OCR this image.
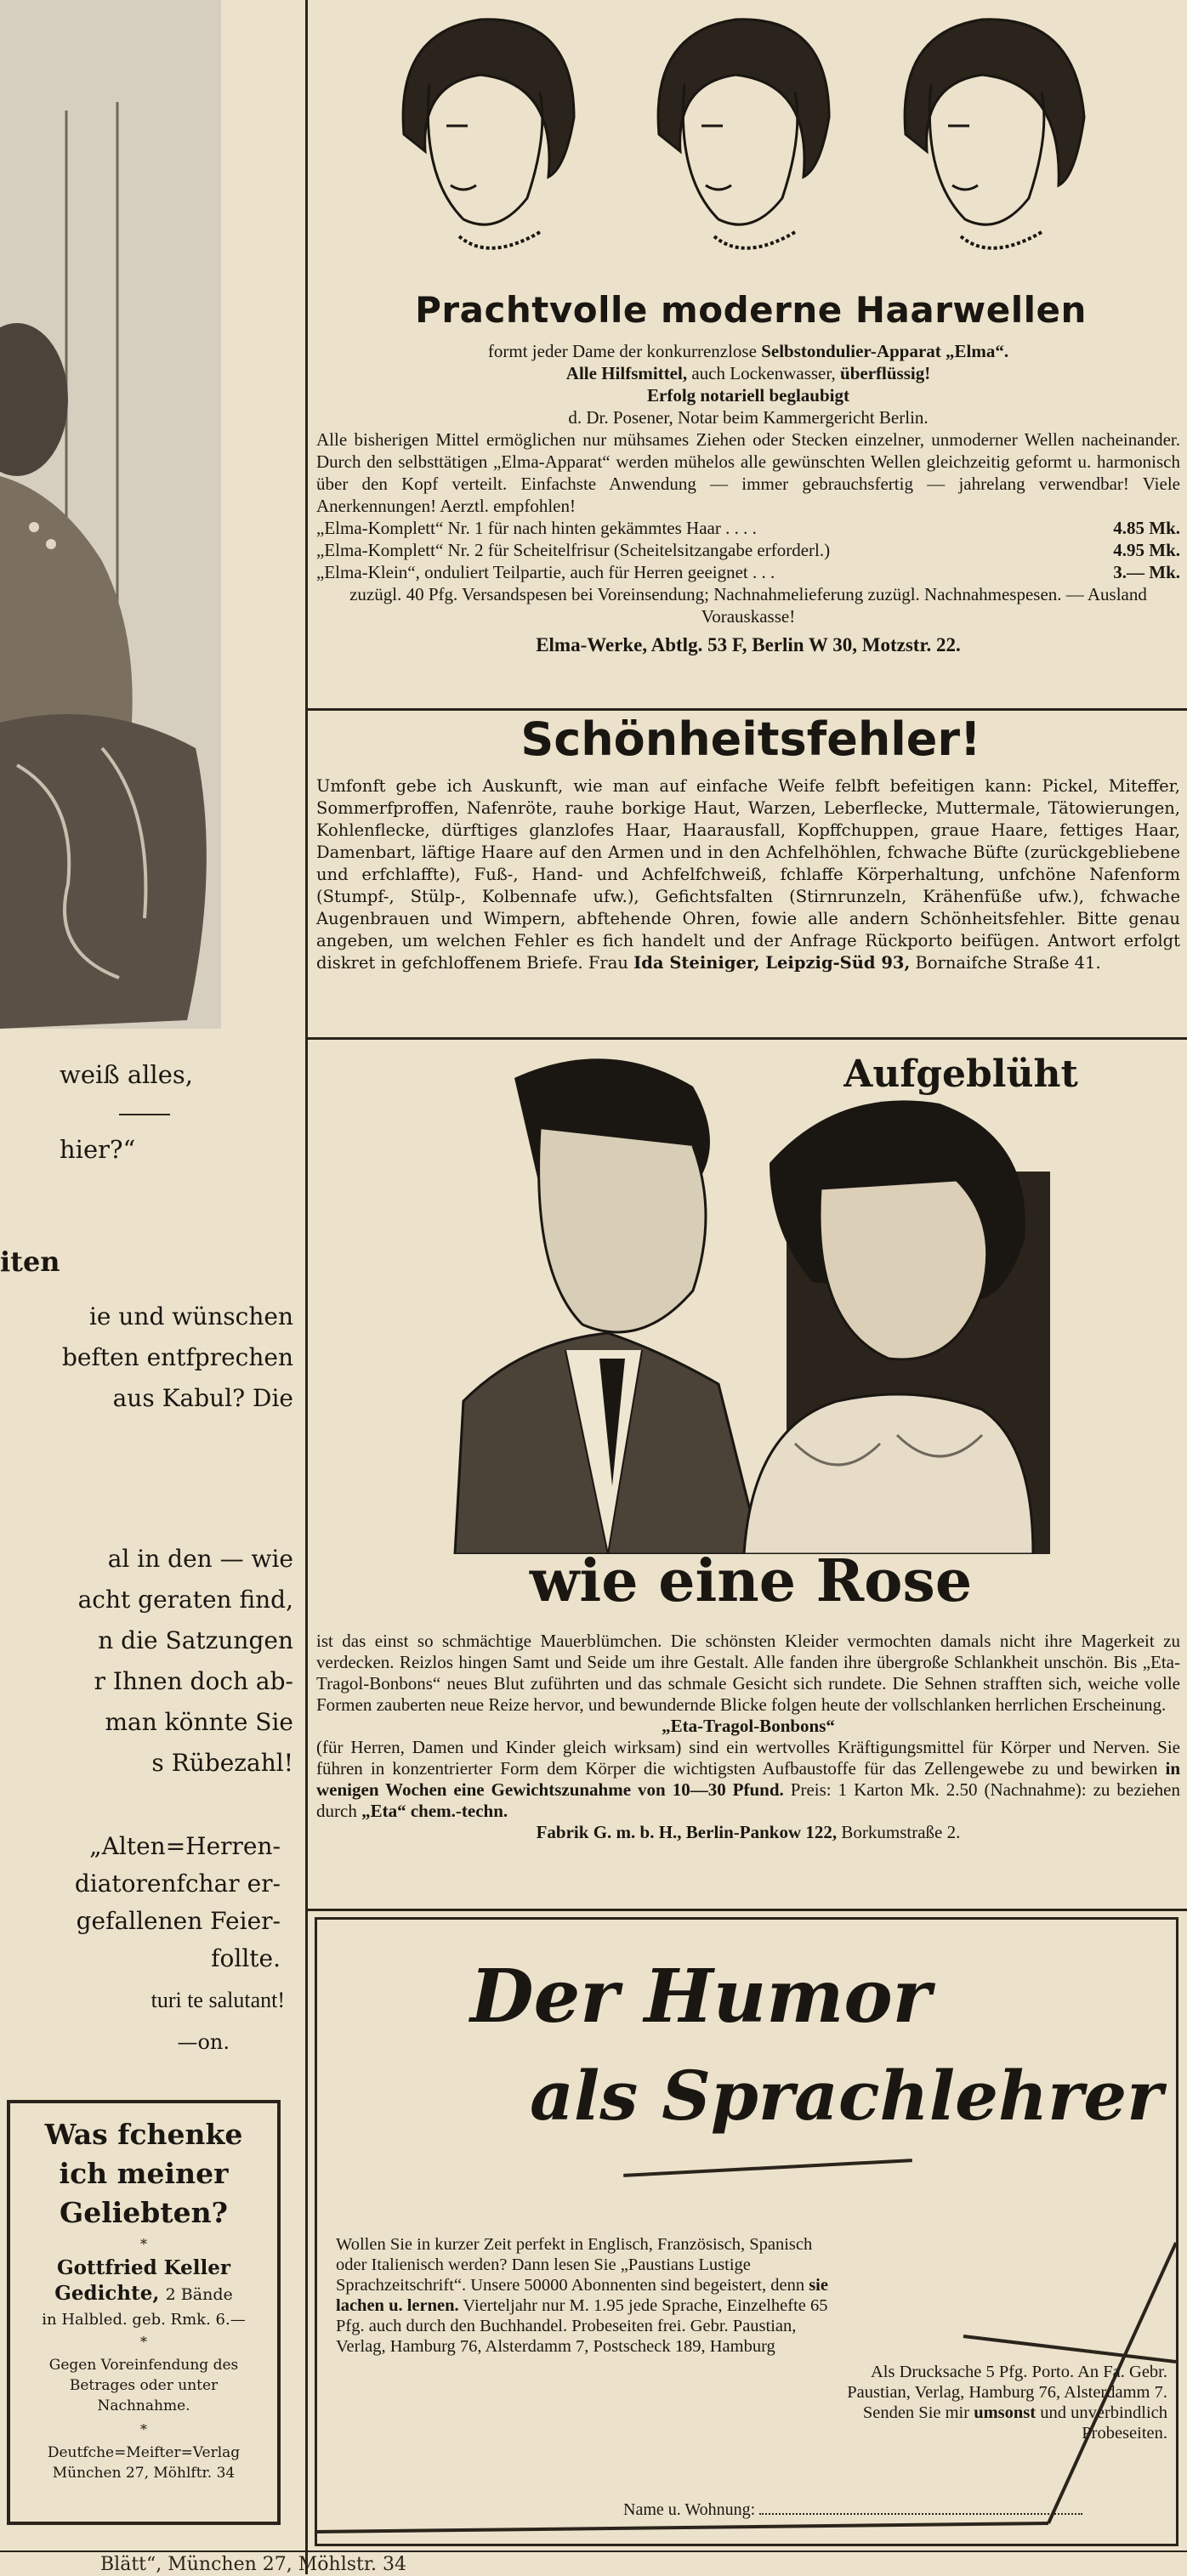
weiß alles,
hier?“
iten
ie und wünschen
beften entfprechen
aus Kabul? Die
al in den — wie
acht geraten find,
n die Satzungen
r Ihnen doch ab-
man könnte Sie
s Rübezahl!
„Alten=Herren-
diatorenfchar er-
gefallenen Feier-
follte.
turi te salutant!
—on.
Was fchenke
ich meiner
Geliebten?
*
Gottfried Keller Gedichte, 2 Bände
in Halbled. geb. Rmk. 6.—
*
Gegen Voreinfendung des Betrages oder unter Nachnahme.
*
Deutfche=Meifter=Verlag München 27, Möhlftr. 34
Prachtvolle moderne Haarwellen
formt jeder Dame der konkurrenzlose Selbstondulier-Apparat „Elma“.
Alle Hilfsmittel, auch Lockenwasser, überflüssig!
Erfolg notariell beglaubigt
d. Dr. Posener, Notar beim Kammergericht Berlin.
Alle bisherigen Mittel ermöglichen nur mühsames Ziehen oder Stecken einzelner, unmoderner Wellen nacheinander. Durch den selbsttätigen „Elma-Apparat“ werden mühelos alle gewünschten Wellen gleichzeitig geformt u. harmonisch über den Kopf verteilt. Einfachste Anwendung — immer gebrauchsfertig — jahrelang verwendbar! Viele Anerkennungen! Aerztl. empfohlen!
„Elma-Komplett“ Nr. 1 für nach hinten gekämmtes Haar . . . .	4.85 Mk.
„Elma-Komplett“ Nr. 2 für Scheitelfrisur (Scheitelsitzangabe erforderl.)	4.95 Mk.
„Elma-Klein“, onduliert Teilpartie, auch für Herren geeignet . . .	3.— Mk.
zuzügl. 40 Pfg. Versandspesen bei Voreinsendung; Nachnahmelieferung zuzügl. Nachnahmespesen. — Ausland Vorauskasse!
Elma-Werke, Abtlg. 53 F, Berlin W 30, Motzstr. 22.
Schönheitsfehler!
Umfonft gebe ich Auskunft, wie man auf einfache Weife felbft befeitigen kann: Pickel, Miteffer, Sommerfproffen, Nafenröte, rauhe borkige Haut, Warzen, Leberflecke, Muttermale, Tätowierungen, Kohlenflecke, dürftiges glanzlofes Haar, Haarausfall, Kopffchuppen, graue Haare, fettiges Haar, Damenbart, läftige Haare auf den Armen und in den Achfelhöhlen, fchwache Büfte (zurückgebliebene und erfchlaffte), Fuß-, Hand- und Achfelfchweiß, fchlaffe Körperhaltung, unfchöne Nafenform (Stumpf-, Stülp-, Kolbennafe ufw.), Gefichtsfalten (Stirnrunzeln, Krähenfüße ufw.), fchwache Augenbrauen und Wimpern, abftehende Ohren, fowie alle andern Schönheitsfehler. Bitte genau angeben, um welchen Fehler es fich handelt und der Anfrage Rückporto beifügen. Antwort erfolgt diskret in gefchloffenem Briefe. Frau Ida Steiniger, Leipzig-Süd 93, Bornaifche Straße 41.
Aufgeblüht
wie eine Rose
ist das einst so schmächtige Mauerblümchen. Die schönsten Kleider vermochten damals nicht ihre Magerkeit zu verdecken. Reizlos hingen Samt und Seide um ihre Gestalt. Alle fanden ihre übergroße Schlankheit unschön. Bis „Eta-Tragol-Bonbons“ neues Blut zuführten und das schmale Gesicht sich rundete. Die Sehnen strafften sich, weiche volle Formen zauberten neue Reize hervor, und bewundernde Blicke folgen heute der vollschlanken herrlichen Erscheinung.
„Eta-Tragol-Bonbons“
(für Herren, Damen und Kinder gleich wirksam) sind ein wertvolles Kräftigungsmittel für Körper und Nerven. Sie führen in konzentrierter Form dem Körper die wichtigsten Aufbaustoffe für das Zellengewebe zu und bewirken in wenigen Wochen eine Gewichtszunahme von 10—30 Pfund. Preis: 1 Karton Mk. 2.50 (Nachnahme): zu beziehen durch „Eta“ chem.-techn.
Fabrik G. m. b. H., Berlin-Pankow 122, Borkumstraße 2.
Der Humor
als Sprachlehrer
Wollen Sie in kurzer Zeit perfekt in Englisch, Französisch, Spanisch oder Italienisch werden? Dann lesen Sie „Paustians Lustige Sprachzeitschrift“. Unsere 50000 Abonnenten sind begeistert, denn sie lachen u. lernen. Vierteljahr nur M. 1.95 jede Sprache, Einzelhefte 65 Pfg. auch durch den Buchhandel. Probeseiten frei. Gebr. Paustian, Verlag, Hamburg 76, Alsterdamm 7, Postscheck 189, Hamburg
Als Drucksache 5 Pfg. Porto. An Fa. Gebr. Paustian, Verlag, Hamburg 76, Alsterdamm 7. Senden Sie mir umsonst und unverbindlich Probeseiten.
Name u. Wohnung:
Blätt“, München 27, Möhlstr. 34
